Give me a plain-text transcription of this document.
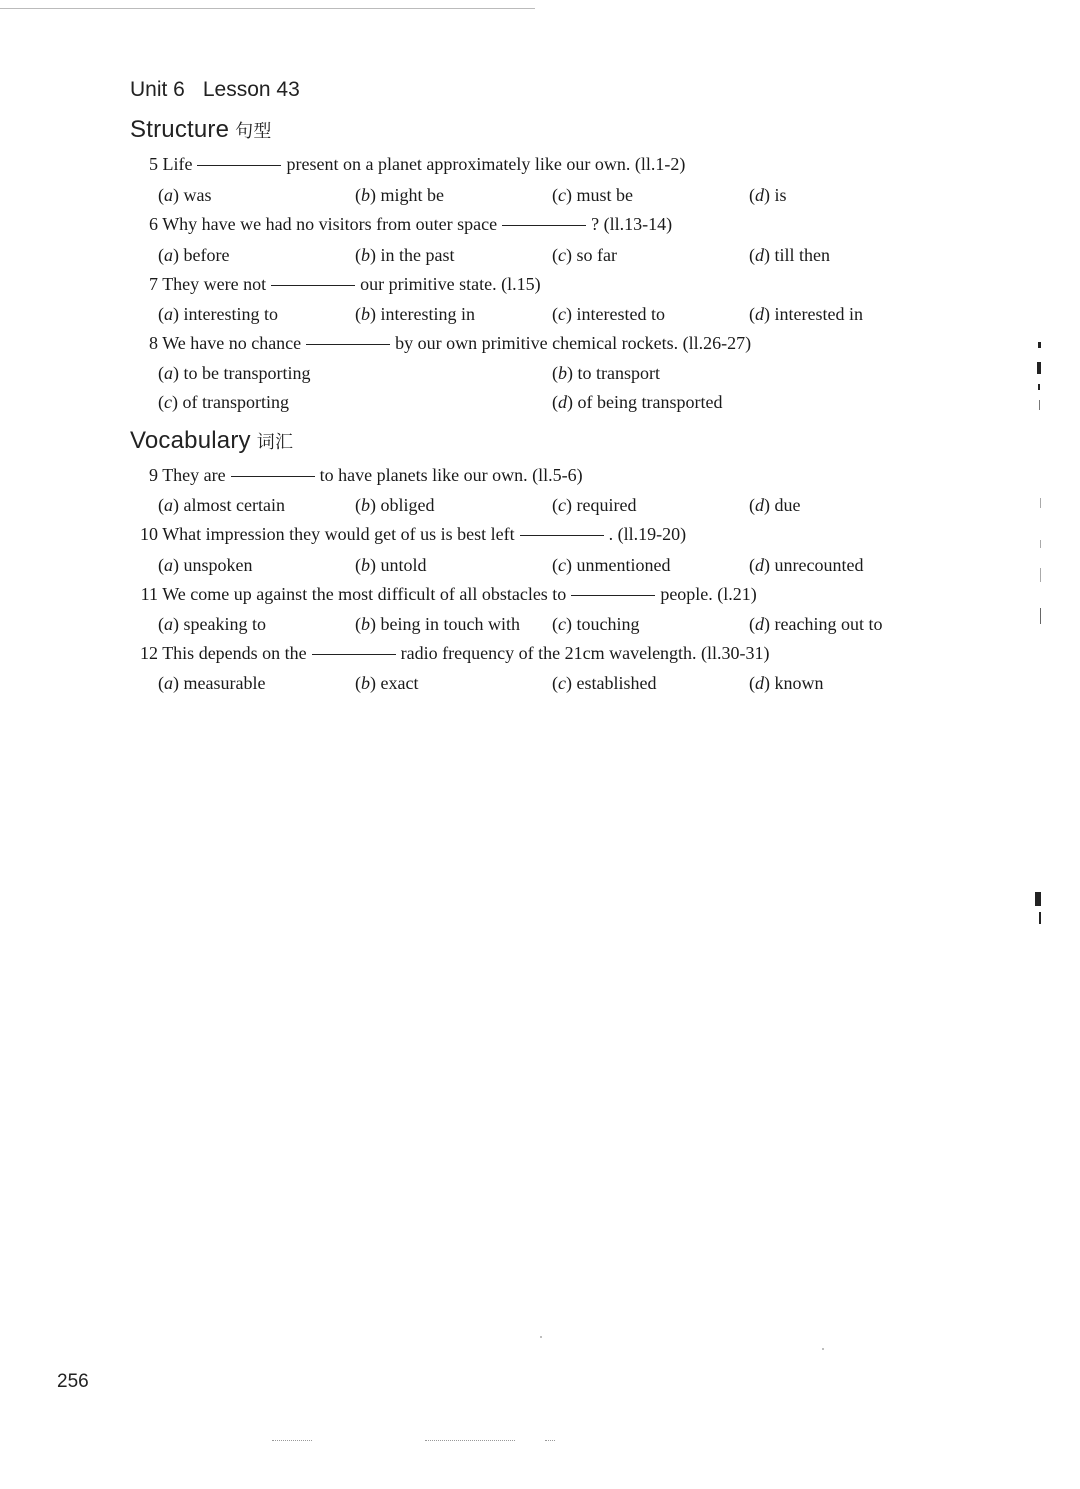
Unit 6 Lesson 43
Structure 句型
Vocabulary 词汇
5 Life	present on a planet approximately like our own. (ll.1-2)
(a) was	(b) might be	(c) must be	(d) is
6 Why have we had no visitors from outer space	? (ll.13-14)
(a) before	(b) in the past	(c) so far	(d) till then
7 They were not	our primitive state. (l.15)
(a) interesting to	(b) interesting in	(c) interested to	(d) interested in
8 We have no chance	by our own primitive chemical rockets. (ll.26-27)
(a) to be transporting	(b) to transport
(c) of transporting	(d) of being transported
9 They are	to have planets like our own. (ll.5-6)
(a) almost certain	(b) obliged	(c) required	(d) due
10 What impression they would get of us is best left	. (ll.19-20)
(a) unspoken	(b) untold	(c) unmentioned	(d) unrecounted
11 We come up against the most difficult of all obstacles to	people. (l.21)
(a) speaking to	(b) being in touch with (c) touching	(d) reaching out to
12 This depends on the	radio frequency of the 21cm wavelength. (ll.30-31)
(a) measurable	(b) exact	(c) established	(d) known
256
